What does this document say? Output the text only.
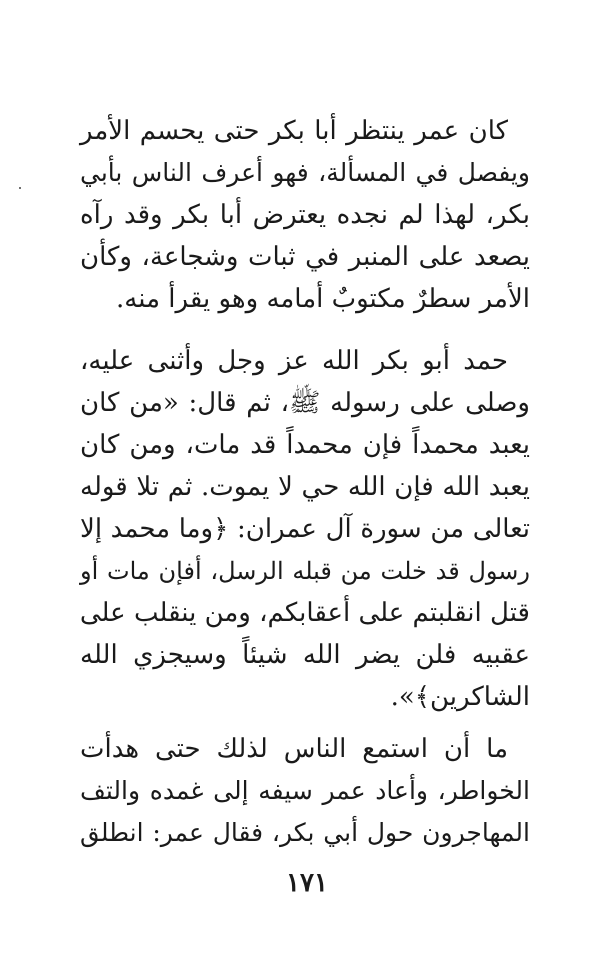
كان عمر ينتظر أبا بكر حتى يحسم الأمر
ويفصل في المسألة، فهو أعرف الناس بأبي
بكر، لهذا لم نجده يعترض أبا بكر وقد رآه
يصعد على المنبر في ثبات وشجاعة، وكأن
الأمر سطرٌ مكتوبٌ أمامه وهو يقرأ منه.

حمد أبو بكر الله عز وجل وأثنى عليه،
وصلى على رسوله ﷺ، ثم قال: «من كان
يعبد محمداً فإن محمداً قد مات، ومن كان
يعبد الله فإن الله حي لا يموت. ثم تلا قوله
تعالى من سورة آل عمران: ﴿وما محمد إلا
رسول قد خلت من قبله الرسل، أفإن مات أو
قتل انقلبتم على أعقابكم، ومن ينقلب على
عقبيه فلن يضر الله شيئاً وسيجزي الله
الشاكرين﴾».

ما أن استمع الناس لذلك حتى هدأت
الخواطر، وأعاد عمر سيفه إلى غمده والتف
المهاجرون حول أبي بكر، فقال عمر: انطلق

١٧١
